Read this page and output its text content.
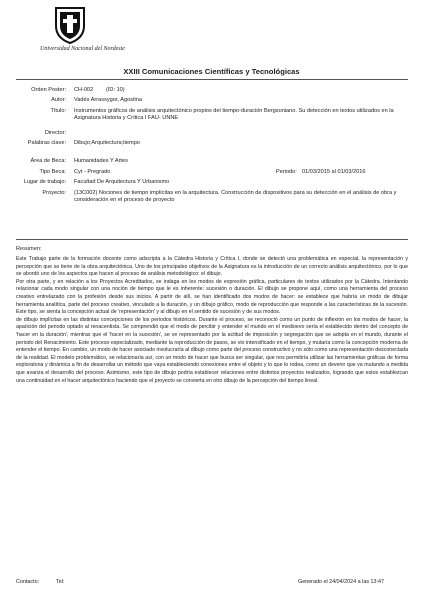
Universidad Nacional del Nordeste
XXIII Comunicaciones Científicas y Tecnológicas
Orden Poster: CH-002 (ID: 10)
Autor: Vadés Arrassygor, Agostina
Título: Instrumentos gráficos de análisis arquitectónico propios del tiempo-duración Bergsoniano. Su detección en textos utilizados en la Asignatura Historia y Crítica I FAU- UNNE
Director:
Palabras clave: Dibujo;Arquitectura;tiempo
Área de Beca: Humanidades Y Artes
Tipo Beca: Cyt - Pregrado	Periodo: 01/03/2015 al 01/03/2016
Lugar de trabajo: Facultad De Arquitectura Y Urbanismo
Proyecto: (13C002) Nociones de tiempo implícitas en la arquitectura. Construcción de dispositivos para su detección en el análisis de obra y consideración en el proceso de proyecto
Resumen:

Este Trabajo parte de la formación docente como adscripta a la Cátedra Historia y Crítica I, donde se detectó una problemática en especial, la representación y percepción que se tiene de la obra arquitectónica. Uno de los principales objetivos de la Asignatura es la introducción de un correcto análisis arquitectónico, por lo que se abordó uno de los aspectos que hacen al proceso de análisis metodológico: el dibujo.

Por otra parte, y en relación a los Proyectos Acreditados, se indaga en los modos de expresión gráfica, particulares de textos utilizados por la Cátedra. Intentando relacionar cada modo singular con una noción de tiempo que le es inherente: sucesión o duración. El dibujo se propone aquí, como una herramienta del proceso creativo entrelazado con la profesión desde sus inicios. A partir de allí, se han identificado dos modos de hacer: se establece que habría un modo de dibujar herramienta analítica, parte del proceso creativo, vinculado a la duración, y un dibujo gráfico, modo de reproducción que responde a las características de la sucesión. Este tipo, se sienta la concepción actual de 'representación' y al dibujo en el sentido de sucesión y de sus modos.

de dibujo implícitas en las distintas concepciones de los periodos históricos. Durante el proceso, se reconoció como un punto de inflexión en los modos de hacer, la aparición del periodo optado al renacentista. Se comprendió que el modo de percibir y entender el mundo en el medioevo sería el establecido dentro del concepto de 'hacer en la duración', mientras que el 'hacer en la sucesión', se ve representado por la actitud de imposición y segregación que se adopta en el mundo, durante el periodo del Renacimiento. Este proceso especializado, mediante la reproducción de pasos, se vio intensificado en el tiempo, y mutaría como la concepción moderna de entender el tiempo. En cambio, un modo de hacer asociado involucraría al dibujo como parte del proceso constructivo y no sólo como una representación desconectada de la realidad. El modelo problemático, se relacionaría así, con un modo de hacer que busca ser singular, que nos permitiría utilizar las herramientas gráficas de forma exploratoria y dinámica a fin de desarrollar un método que vaya estableciendo conexiones entre el objeto y lo que lo rodea, como un devenir que va mutando a medida que avanza el desarrollo del proceso. Asimismo, este tipo de dibujo podría establecer relaciones entre distintos proyectos realizados, logrando que estos establezcan una continuidad en el hacer arquitectónico haciendo que el proyecto se convierta en otro dibujo de la percepción del tiempo lineal.

Contacto:	Tel:	Generado el 24/04/2024 a las 13:47
